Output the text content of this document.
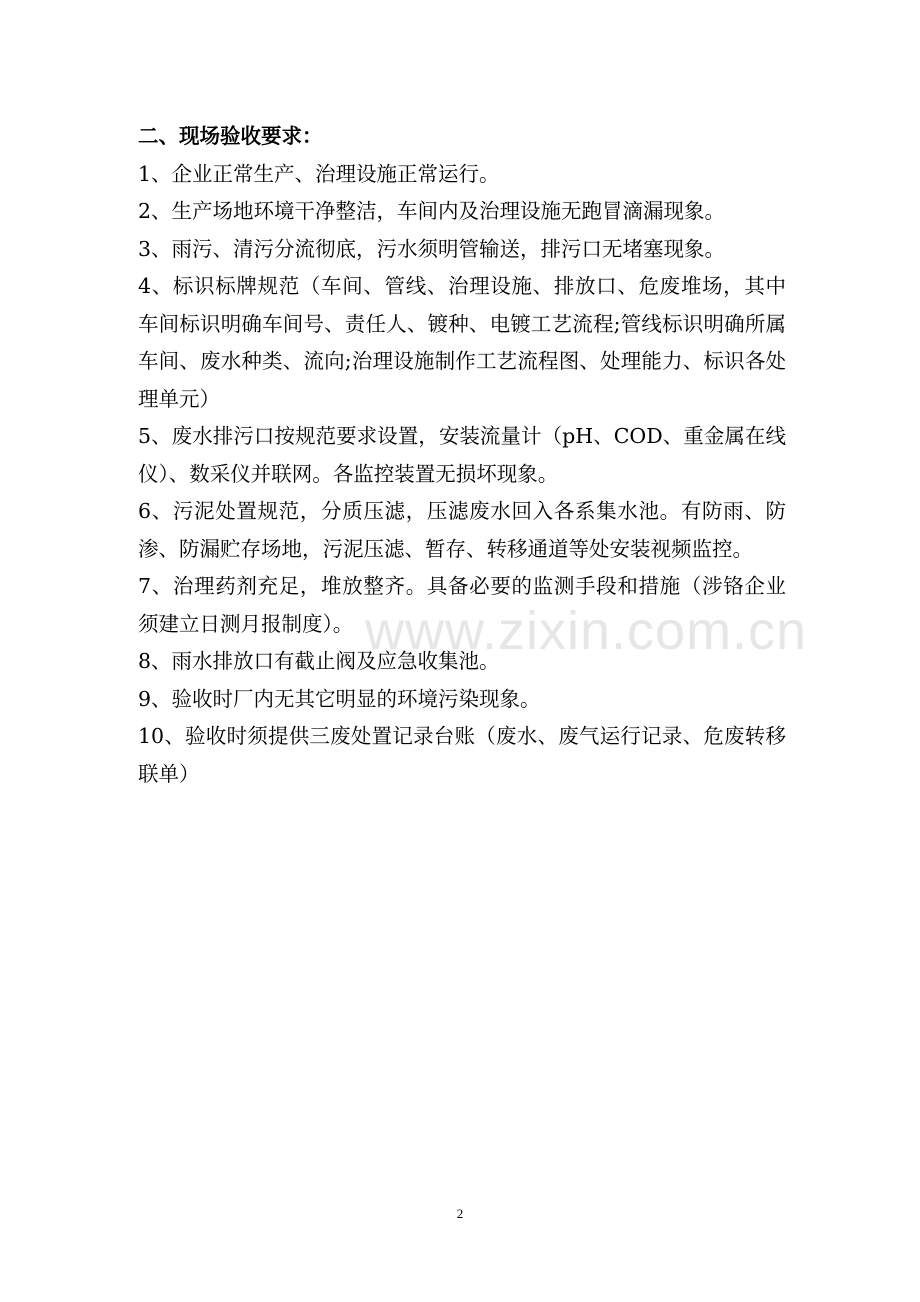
二、现场验收要求：

1、企业正常生产、治理设施正常运行。

2、生产场地环境干净整洁，车间内及治理设施无跑冒滴漏现象。

3、雨污、清污分流彻底，污水须明管输送，排污口无堵塞现象。

4、标识标牌规范（车间、管线、治理设施、排放口、危废堆场，其中车间标识明确车间号、责任人、镀种、电镀工艺流程;管线标识明确所属车间、废水种类、流向;治理设施制作工艺流程图、处理能力、标识各处理单元）

5、废水排污口按规范要求设置，安装流量计（pH、COD、重金属在线仪）、数采仪并联网。各监控装置无损坏现象。

6、污泥处置规范，分质压滤，压滤废水回入各系集水池。有防雨、防渗、防漏贮存场地，污泥压滤、暂存、转移通道等处安装视频监控。

7、治理药剂充足，堆放整齐。具备必要的监测手段和措施（涉铬企业须建立日测月报制度）。

8、雨水排放口有截止阀及应急收集池。

9、验收时厂内无其它明显的环境污染现象。

10、验收时须提供三废处置记录台账（废水、废气运行记录、危废转移联单）

www.zixin.com.cn
2
